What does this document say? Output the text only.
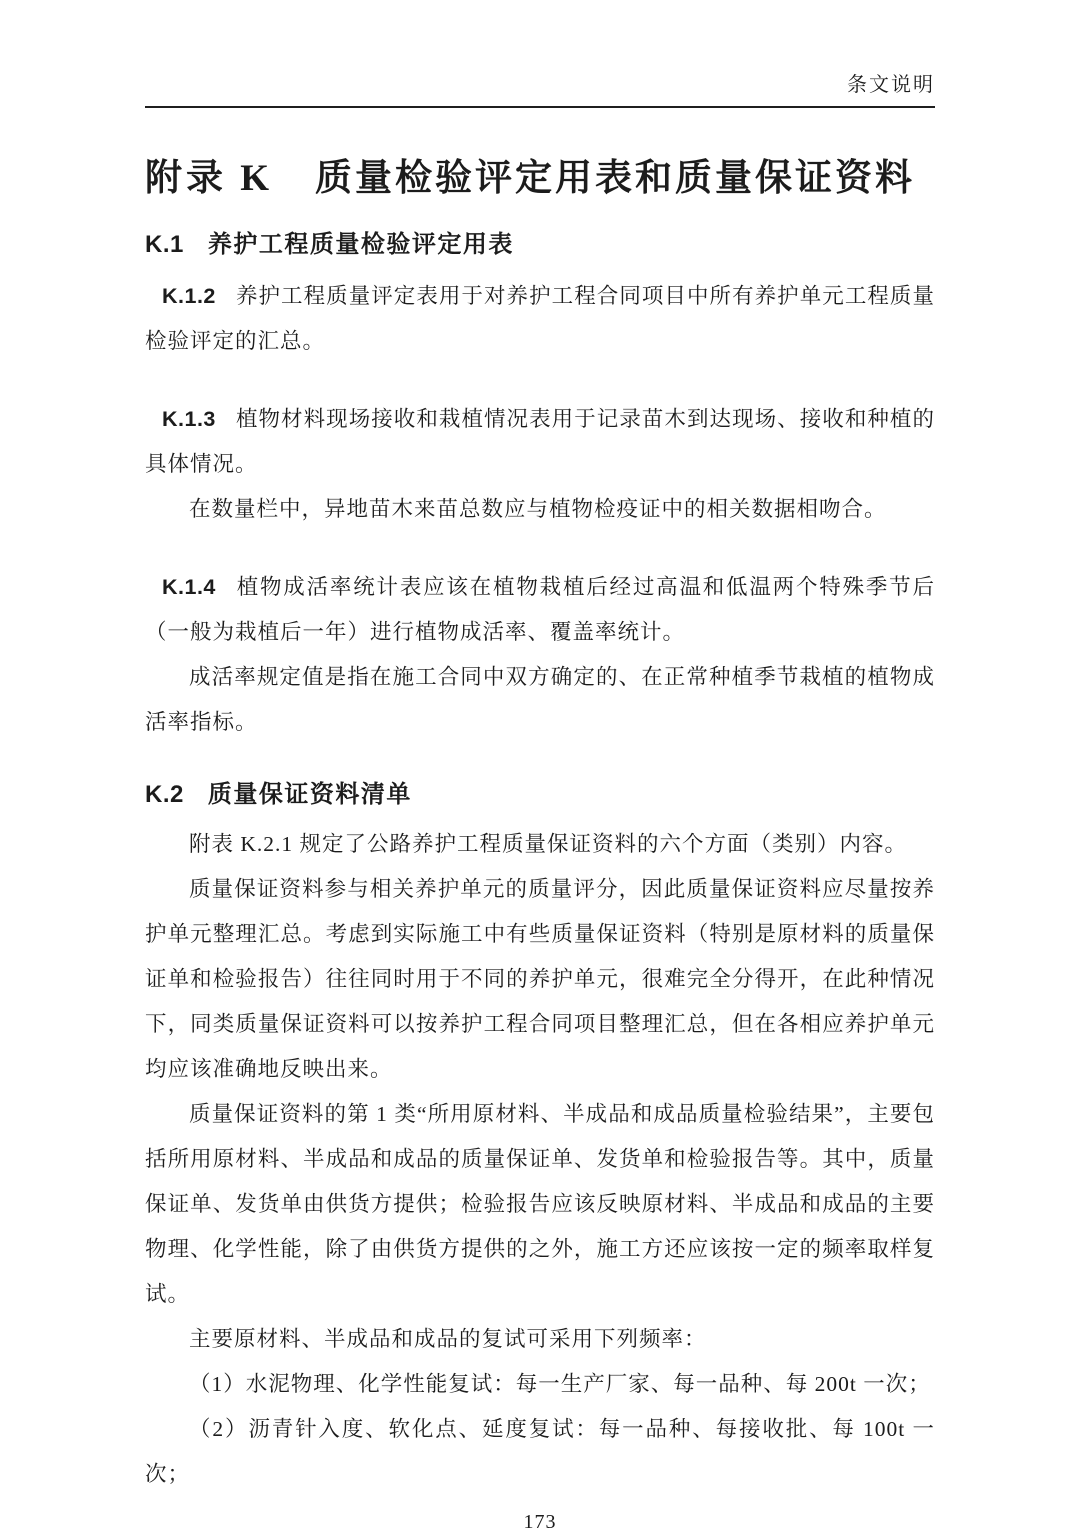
条文说明
附录 K 质量检验评定用表和质量保证资料
K.1 养护工程质量检验评定用表

K.1.2 养护工程质量评定表用于对养护工程合同项目中所有养护单元工程质量检验评定的汇总。

K.1.3 植物材料现场接收和栽植情况表用于记录苗木到达现场、接收和种植的具体情况。

在数量栏中，异地苗木来苗总数应与植物检疫证中的相关数据相吻合。

K.1.4 植物成活率统计表应该在植物栽植后经过高温和低温两个特殊季节后（一般为栽植后一年）进行植物成活率、覆盖率统计。

成活率规定值是指在施工合同中双方确定的、在正常种植季节栽植的植物成活率指标。

K.2 质量保证资料清单

附表 K.2.1 规定了公路养护工程质量保证资料的六个方面（类别）内容。

质量保证资料参与相关养护单元的质量评分，因此质量保证资料应尽量按养护单元整理汇总。考虑到实际施工中有些质量保证资料（特别是原材料的质量保证单和检验报告）往往同时用于不同的养护单元，很难完全分得开，在此种情况下，同类质量保证资料可以按养护工程合同项目整理汇总，但在各相应养护单元均应该准确地反映出来。

质量保证资料的第 1 类“所用原材料、半成品和成品质量检验结果”，主要包括所用原材料、半成品和成品的质量保证单、发货单和检验报告等。其中，质量保证单、发货单由供货方提供；检验报告应该反映原材料、半成品和成品的主要物理、化学性能，除了由供货方提供的之外，施工方还应该按一定的频率取样复试。

主要原材料、半成品和成品的复试可采用下列频率：

（1）水泥物理、化学性能复试：每一生产厂家、每一品种、每 200t 一次；

（2）沥青针入度、软化点、延度复试：每一品种、每接收批、每 100t 一次；

173
